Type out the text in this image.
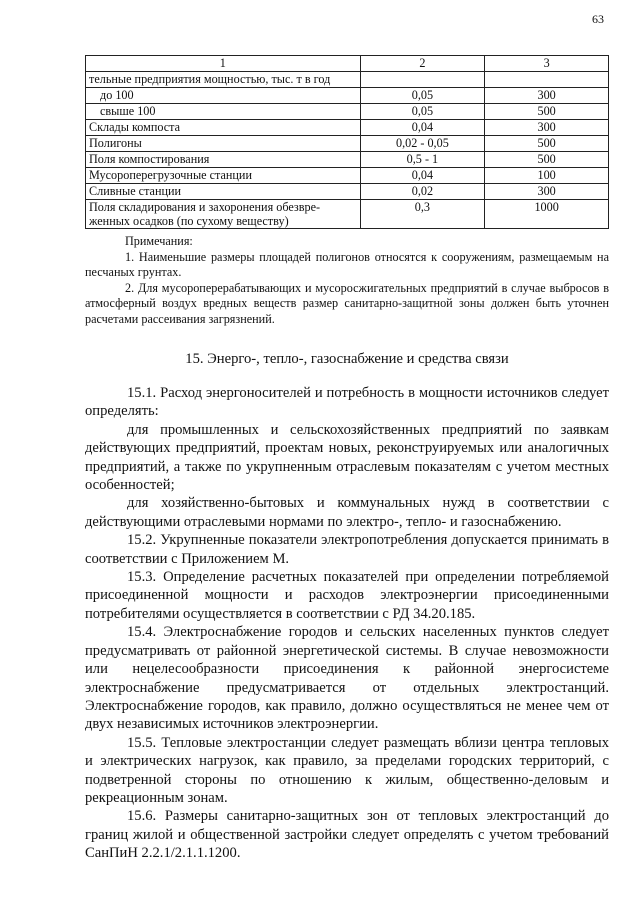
63
1	2	3
тельные предприятия мощностью, тыс. т в год		
до 100	0,05	300
свыше 100	0,05	500
Склады компоста	0,04	300
Полигоны	0,02 - 0,05	500
Поля компостирования	0,5 - 1	500
Мусороперегрузочные станции	0,04	100
Сливные станции	0,02	300
Поля складирования и захоронения обезвре-женных осадков (по сухому веществу)	0,3	1000

Примечания:

1. Наименьшие размеры площадей полигонов относятся к сооружениям, размещаемым на песчаных грунтах.

2. Для мусороперерабатывающих и мусоросжигательных предприятий в случае выбросов в атмосферный воздух вредных веществ размер санитарно-защитной зоны должен быть уточнен расчетами рассеивания загрязнений.

15. Энерго-, тепло-, газоснабжение и средства связи

15.1. Расход энергоносителей и потребность в мощности источников следует определять:

для промышленных и сельскохозяйственных предприятий по заявкам действующих предприятий, проектам новых, реконструируемых или аналогичных предприятий, а также по укрупненным отраслевым показателям с учетом местных особенностей;

для хозяйственно-бытовых и коммунальных нужд в соответствии с действующими отраслевыми нормами по электро-, тепло- и газоснабжению.

15.2. Укрупненные показатели электропотребления допускается принимать в соответствии с Приложением М.

15.3. Определение расчетных показателей при определении потребляемой присоединенной мощности и расходов электроэнергии присоединенными потребителями осуществляется в соответствии с РД 34.20.185.

15.4. Электроснабжение городов и сельских населенных пунктов следует предусматривать от районной энергетической системы. В случае невозможности или нецелесообразности присоединения к районной энергосистеме электроснабжение предусматривается от отдельных электростанций. Электроснабжение городов, как правило, должно осуществляться не менее чем от двух независимых источников электроэнергии.

15.5. Тепловые электростанции следует размещать вблизи центра тепловых и электрических нагрузок, как правило, за пределами городских территорий, с подветренной стороны по отношению к жилым, общественно-деловым и рекреационным зонам.

15.6. Размеры санитарно-защитных зон от тепловых электростанций до границ жилой и общественной застройки следует определять с учетом требований СанПиН 2.2.1/2.1.1.1200.
